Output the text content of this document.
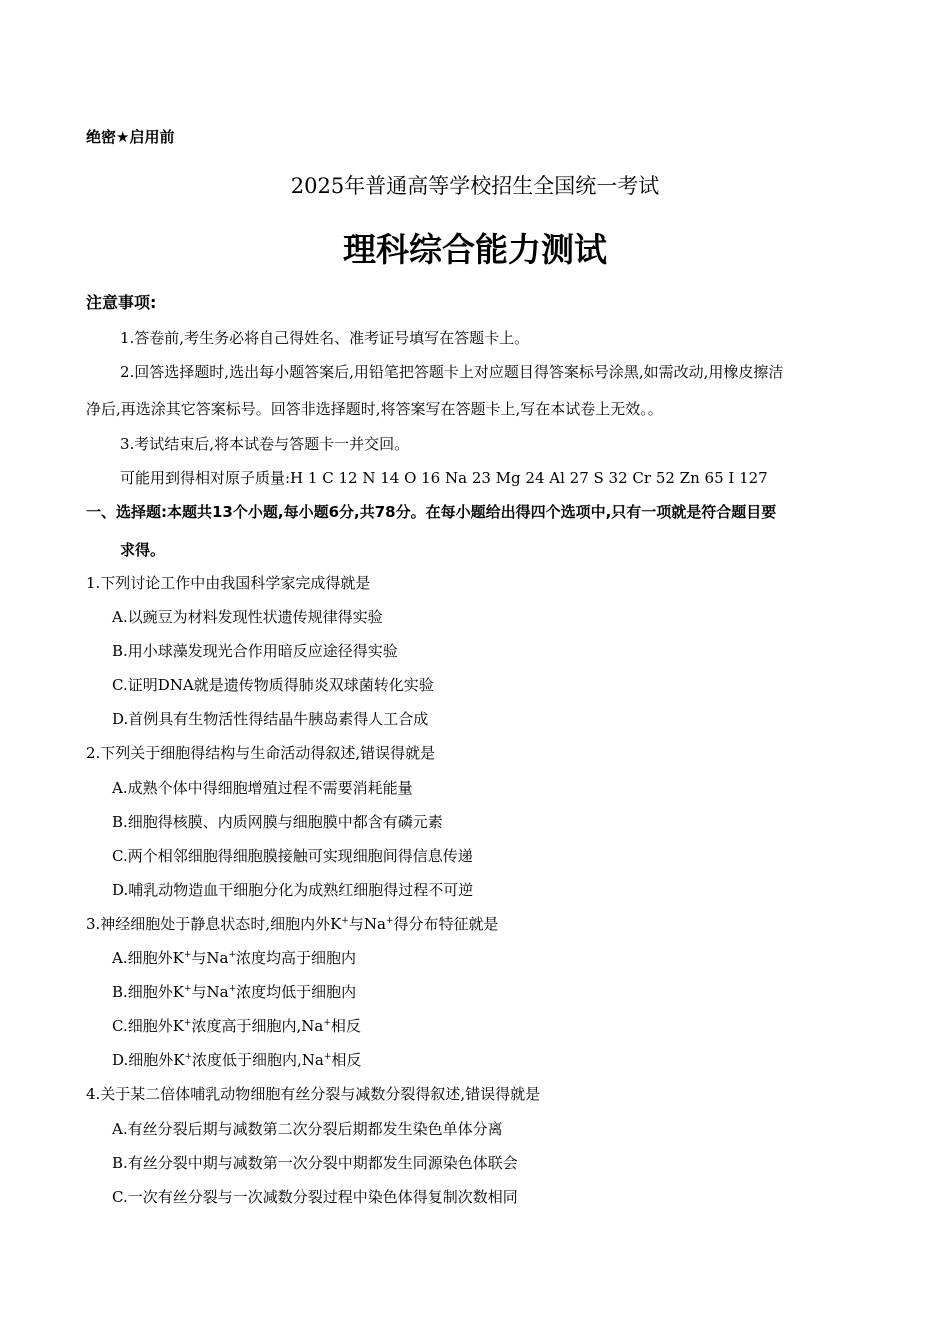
绝密★启用前
2025年普通高等学校招生全国统一考试
理科综合能力测试
注意事项:
1.答卷前,考生务必将自己得姓名、准考证号填写在答题卡上。
2.回答选择题时,选出每小题答案后,用铅笔把答题卡上对应题目得答案标号涂黑,如需改动,用橡皮擦洁
净后,再选涂其它答案标号。回答非选择题时,将答案写在答题卡上,写在本试卷上无效。。
3.考试结束后,将本试卷与答题卡一并交回。
可能用到得相对原子质量:H 1 C 12 N 14 O 16 Na 23 Mg 24 Al 27 S 32 Cr 52 Zn 65 I 127
一、选择题:本题共13个小题,每小题6分,共78分。在每小题给出得四个选项中,只有一项就是符合题目要
求得。
1.下列讨论工作中由我国科学家完成得就是
A.以豌豆为材料发现性状遗传规律得实验
B.用小球藻发现光合作用暗反应途径得实验
C.证明DNA就是遗传物质得肺炎双球菌转化实验
D.首例具有生物活性得结晶牛胰岛素得人工合成
2.下列关于细胞得结构与生命活动得叙述,错误得就是
A.成熟个体中得细胞增殖过程不需要消耗能量
B.细胞得核膜、内质网膜与细胞膜中都含有磷元素
C.两个相邻细胞得细胞膜接触可实现细胞间得信息传递
D.哺乳动物造血干细胞分化为成熟红细胞得过程不可逆
3.神经细胞处于静息状态时,细胞内外K+与Na+得分布特征就是
A.细胞外K+与Na+浓度均高于细胞内
B.细胞外K+与Na+浓度均低于细胞内
C.细胞外K+浓度高于细胞内,Na+相反
D.细胞外K+浓度低于细胞内,Na+相反
4.关于某二倍体哺乳动物细胞有丝分裂与减数分裂得叙述,错误得就是
A.有丝分裂后期与减数第二次分裂后期都发生染色单体分离
B.有丝分裂中期与减数第一次分裂中期都发生同源染色体联会
C.一次有丝分裂与一次减数分裂过程中染色体得复制次数相同
